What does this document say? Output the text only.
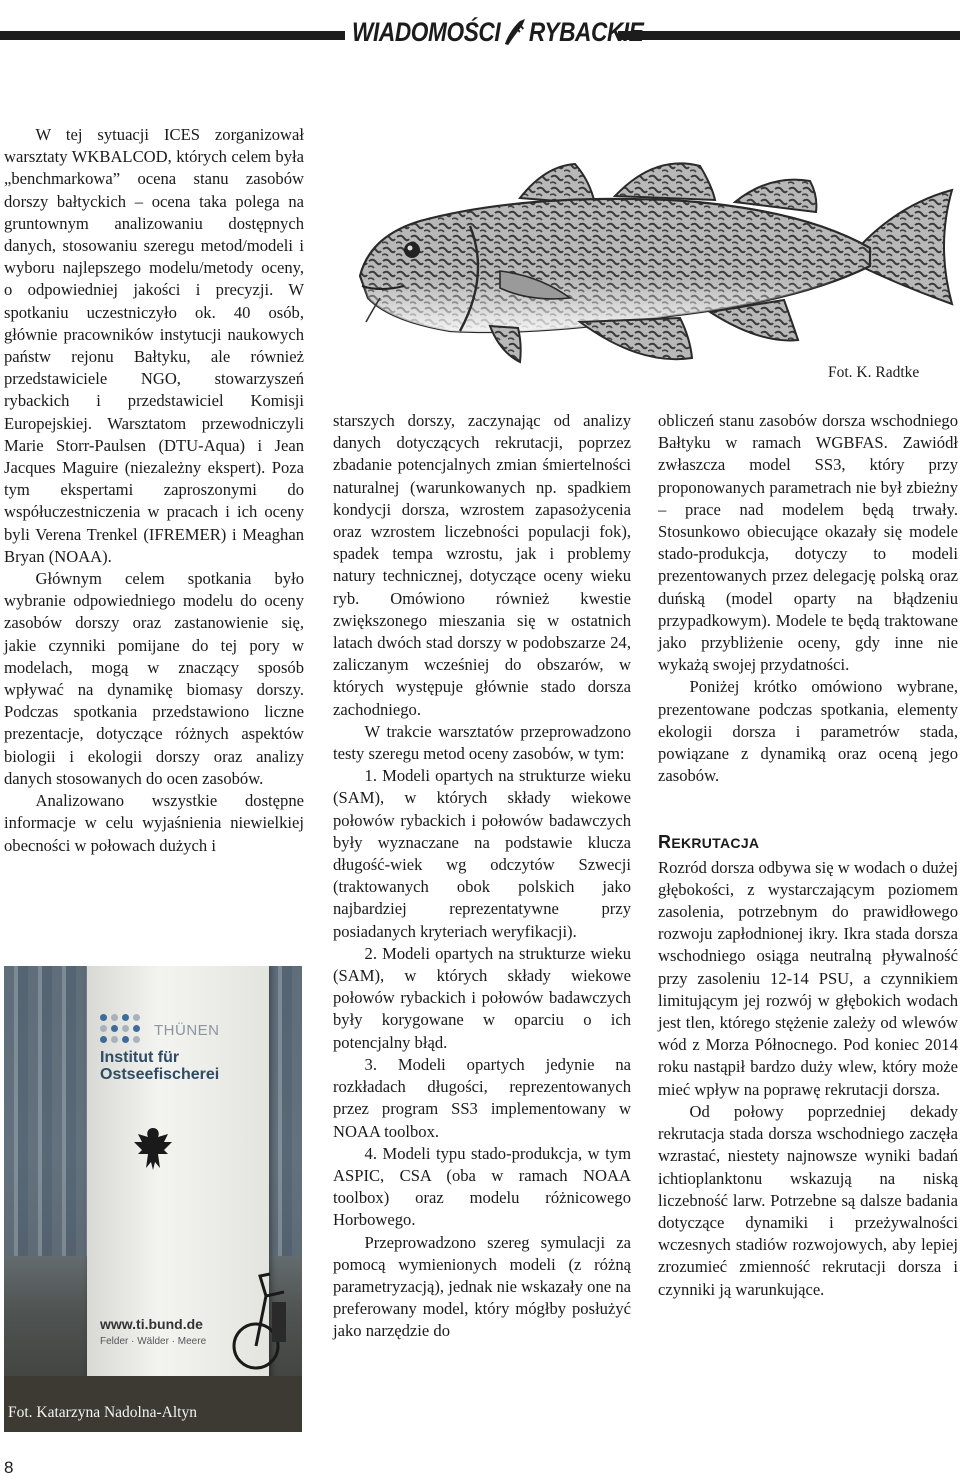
WIADOMOŚCI RYBACKIE

W tej sytuacji ICES zorganizował warsztaty WKBALCOD, których celem była „benchmarkowa” ocena stanu zasobów dorszy bałtyckich – ocena taka polega na gruntownym analizowaniu dostępnych danych, stosowaniu szeregu metod/modeli i wyboru najlepszego modelu/metody oceny, o odpowiedniej jakości i precyzji. W spotkaniu uczestniczyło ok. 40 osób, głównie pracowników instytucji naukowych państw rejonu Bałtyku, ale również przedstawiciele NGO, stowarzyszeń rybackich i przedstawiciel Komisji Europejskiej. Warsztatom przewodniczyli Marie Storr-Paulsen (DTU-Aqua) i Jean Jacques Maguire (niezależny ekspert). Poza tym ekspertami zaproszonymi do współuczestniczenia w pracach i ich oceny byli Verena Trenkel (IFREMER) i Meaghan Bryan (NOAA).

Głównym celem spotkania było wybranie odpowiedniego modelu do oceny zasobów dorszy oraz zastanowienie się, jakie czynniki pomijane do tej pory w modelach, mogą w znaczący sposób wpływać na dynamikę biomasy dorszy. Podczas spotkania przedstawiono liczne prezentacje, dotyczące różnych aspektów biologii i ekologii dorszy oraz analizy danych stosowanych do ocen zasobów.

Analizowano wszystkie dostępne informacje w celu wyjaśnienia niewielkiej obecności w połowach dużych i

Fot. K. Radtke

starszych dorszy, zaczynając od analizy danych dotyczących rekrutacji, poprzez zbadanie potencjalnych zmian śmiertelności naturalnej (warunkowanych np. spadkiem kondycji dorsza, wzrostem zapasożycenia oraz wzrostem liczebności populacji fok), spadek tempa wzrostu, jak i problemy natury technicznej, dotyczące oceny wieku ryb. Omówiono również kwestie zwiększonego mieszania się w ostatnich latach dwóch stad dorszy w podobszarze 24, zaliczanym wcześniej do obszarów, w których występuje głównie stado dorsza zachodniego.

W trakcie warsztatów przeprowadzono testy szeregu metod oceny zasobów, w tym:

1. Modeli opartych na strukturze wieku (SAM), w których składy wiekowe połowów rybackich i połowów badawczych były wyznaczane na podstawie klucza długość-wiek wg odczytów Szwecji (traktowanych obok polskich jako najbardziej reprezentatywne przy posiadanych kryteriach weryfikacji).

2. Modeli opartych na strukturze wieku (SAM), w których składy wiekowe połowów rybackich i połowów badawczych były korygowane w oparciu o ich potencjalny błąd.

3. Modeli opartych jedynie na rozkładach długości, reprezentowanych przez program SS3 implementowany w NOAA toolbox.

4. Modeli typu stado-produkcja, w tym ASPIC, CSA (oba w ramach NOAA toolbox) oraz modelu różnicowego Horbowego.

Przeprowadzono szereg symulacji za pomocą wymienionych modeli (z różną parametryzacją), jednak nie wskazały one na preferowany model, który mógłby posłużyć jako narzędzie do

obliczeń stanu zasobów dorsza wschodniego Bałtyku w ramach WGBFAS. Zawiódł zwłaszcza model SS3, który przy proponowanych parametrach nie był zbieżny – prace nad modelem będą trwały. Stosunkowo obiecujące okazały się modele stado-produkcja, dotyczy to modeli prezentowanych przez delegację polską oraz duńską (model oparty na błądzeniu przypadkowym). Modele te będą traktowane jako przybliżenie oceny, gdy inne nie wykażą swojej przydatności.

Poniżej krótko omówiono wybrane, prezentowane podczas spotkania, elementy ekologii dorsza i parametrów stada, powiązane z dynamiką oraz oceną jego zasobów.

REKRUTACJA

Rozród dorsza odbywa się w wodach o dużej głębokości, z wystarczającym poziomem zasolenia, potrzebnym do prawidłowego rozwoju zapłodnionej ikry. Ikra stada dorsza wschodniego osiąga neutralną pływalność przy zasoleniu 12-14 PSU, a czynnikiem limitującym jej rozwój w głębokich wodach jest tlen, którego stężenie zależy od wlewów wód z Morza Północnego. Pod koniec 2014 roku nastąpił bardzo duży wlew, który może mieć wpływ na poprawę rekrutacji dorsza.

Od połowy poprzedniej dekady rekrutacja stada dorsza wschodniego zaczęła wzrastać, niestety najnowsze wyniki badań ichtioplanktonu wskazują na niską liczebność larw. Potrzebne są dalsze badania dotyczące dynamiki i przeżywalności wczesnych stadiów rozwojowych, aby lepiej zrozumieć zmienność rekrutacji dorsza i czynniki ją warunkujące.

THÜNEN
Institut für Ostseefischerei
www.ti.bund.de
Felder · Wälder · Meere
Fot. Katarzyna Nadolna-Altyn
8
